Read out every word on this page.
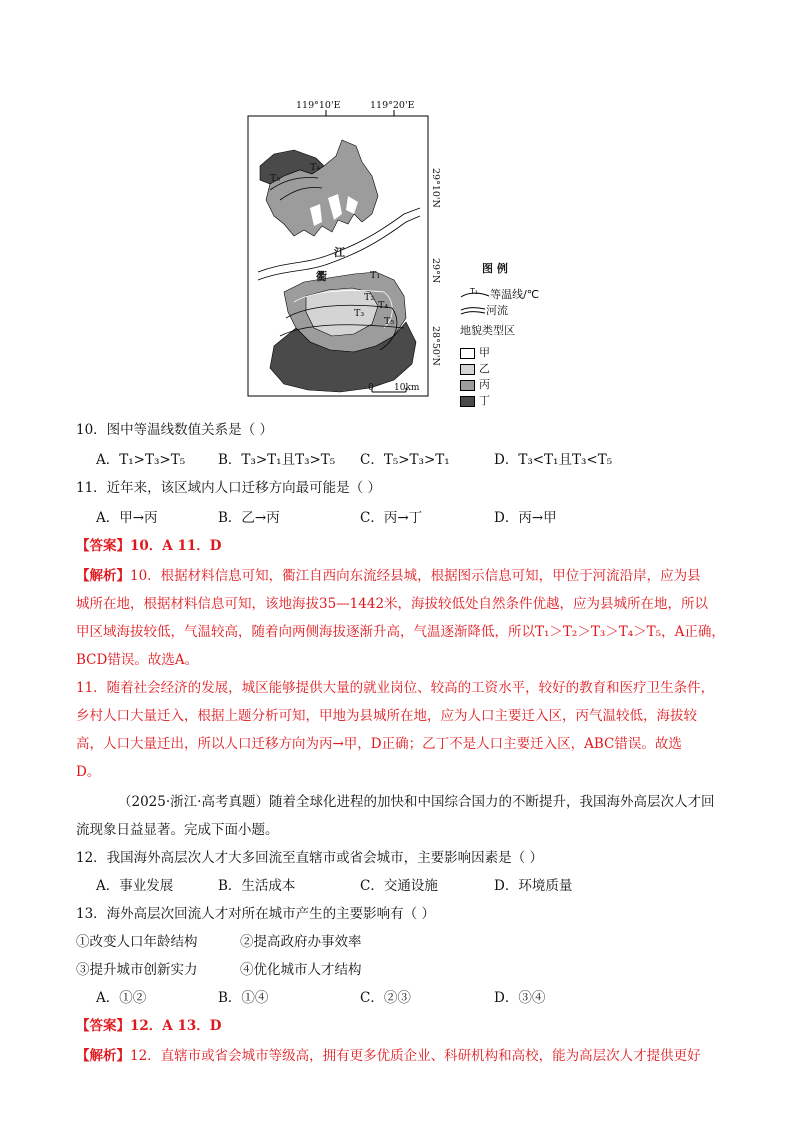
119°10'E	119°20'E
29°10'N
29°N
28°50'N
衢
江
T₅
T₄
T₁
T₂
T₃
T₄
T₅
0 10km
图 例
$^{T_1}$ 等温线/℃
河流
地貌类型区
甲
乙
丙
丁
10．图中等温线数值关系是（ ）
A．T₁>T₃>T₅ B．T₃>T₁且T₃>T₅ C．T₅>T₃>T₁	D．T₃<T₁且T₃<T₅
11．近年来，该区域内人口迁移方向最可能是（ ）
A．甲→丙	B．乙→丙	C．丙→丁	D．丙→甲
【答案】10．A 11．D
【解析】10．根据材料信息可知，衢江自西向东流经县城，根据图示信息可知，甲位于河流沿岸，应为县
城所在地，根据材料信息可知，该地海拔35—1442米，海拔较低处自然条件优越，应为县城所在地，所以
甲区域海拔较低，气温较高，随着向两侧海拔逐渐升高，气温逐渐降低，所以T₁＞T₂＞T₃＞T₄＞T₅，A正确，
BCD错误。故选A。
11．随着社会经济的发展，城区能够提供大量的就业岗位、较高的工资水平，较好的教育和医疗卫生条件，
乡村人口大量迁入，根据上题分析可知，甲地为县城所在地，应为人口主要迁入区，丙气温较低，海拔较
高，人口大量迁出，所以人口迁移方向为丙→甲，D正确；乙丁不是人口主要迁入区，ABC错误。故选
D。
（2025·浙江·高考真题）随着全球化进程的加快和中国综合国力的不断提升，我国海外高层次人才回
流现象日益显著。完成下面小题。
12．我国海外高层次人才大多回流至直辖市或省会城市，主要影响因素是（ ）
A．事业发展	B．生活成本	C．交通设施	D．环境质量
13．海外高层次回流人才对所在城市产生的主要影响有（ ）
①改变人口年龄结构	②提高政府办事效率
③提升城市创新实力	④优化城市人才结构
A．①②	B．①④	C．②③	D．③④
【答案】12．A 13．D
【解析】12．直辖市或省会城市等级高，拥有更多优质企业、科研机构和高校，能为高层次人才提供更好
